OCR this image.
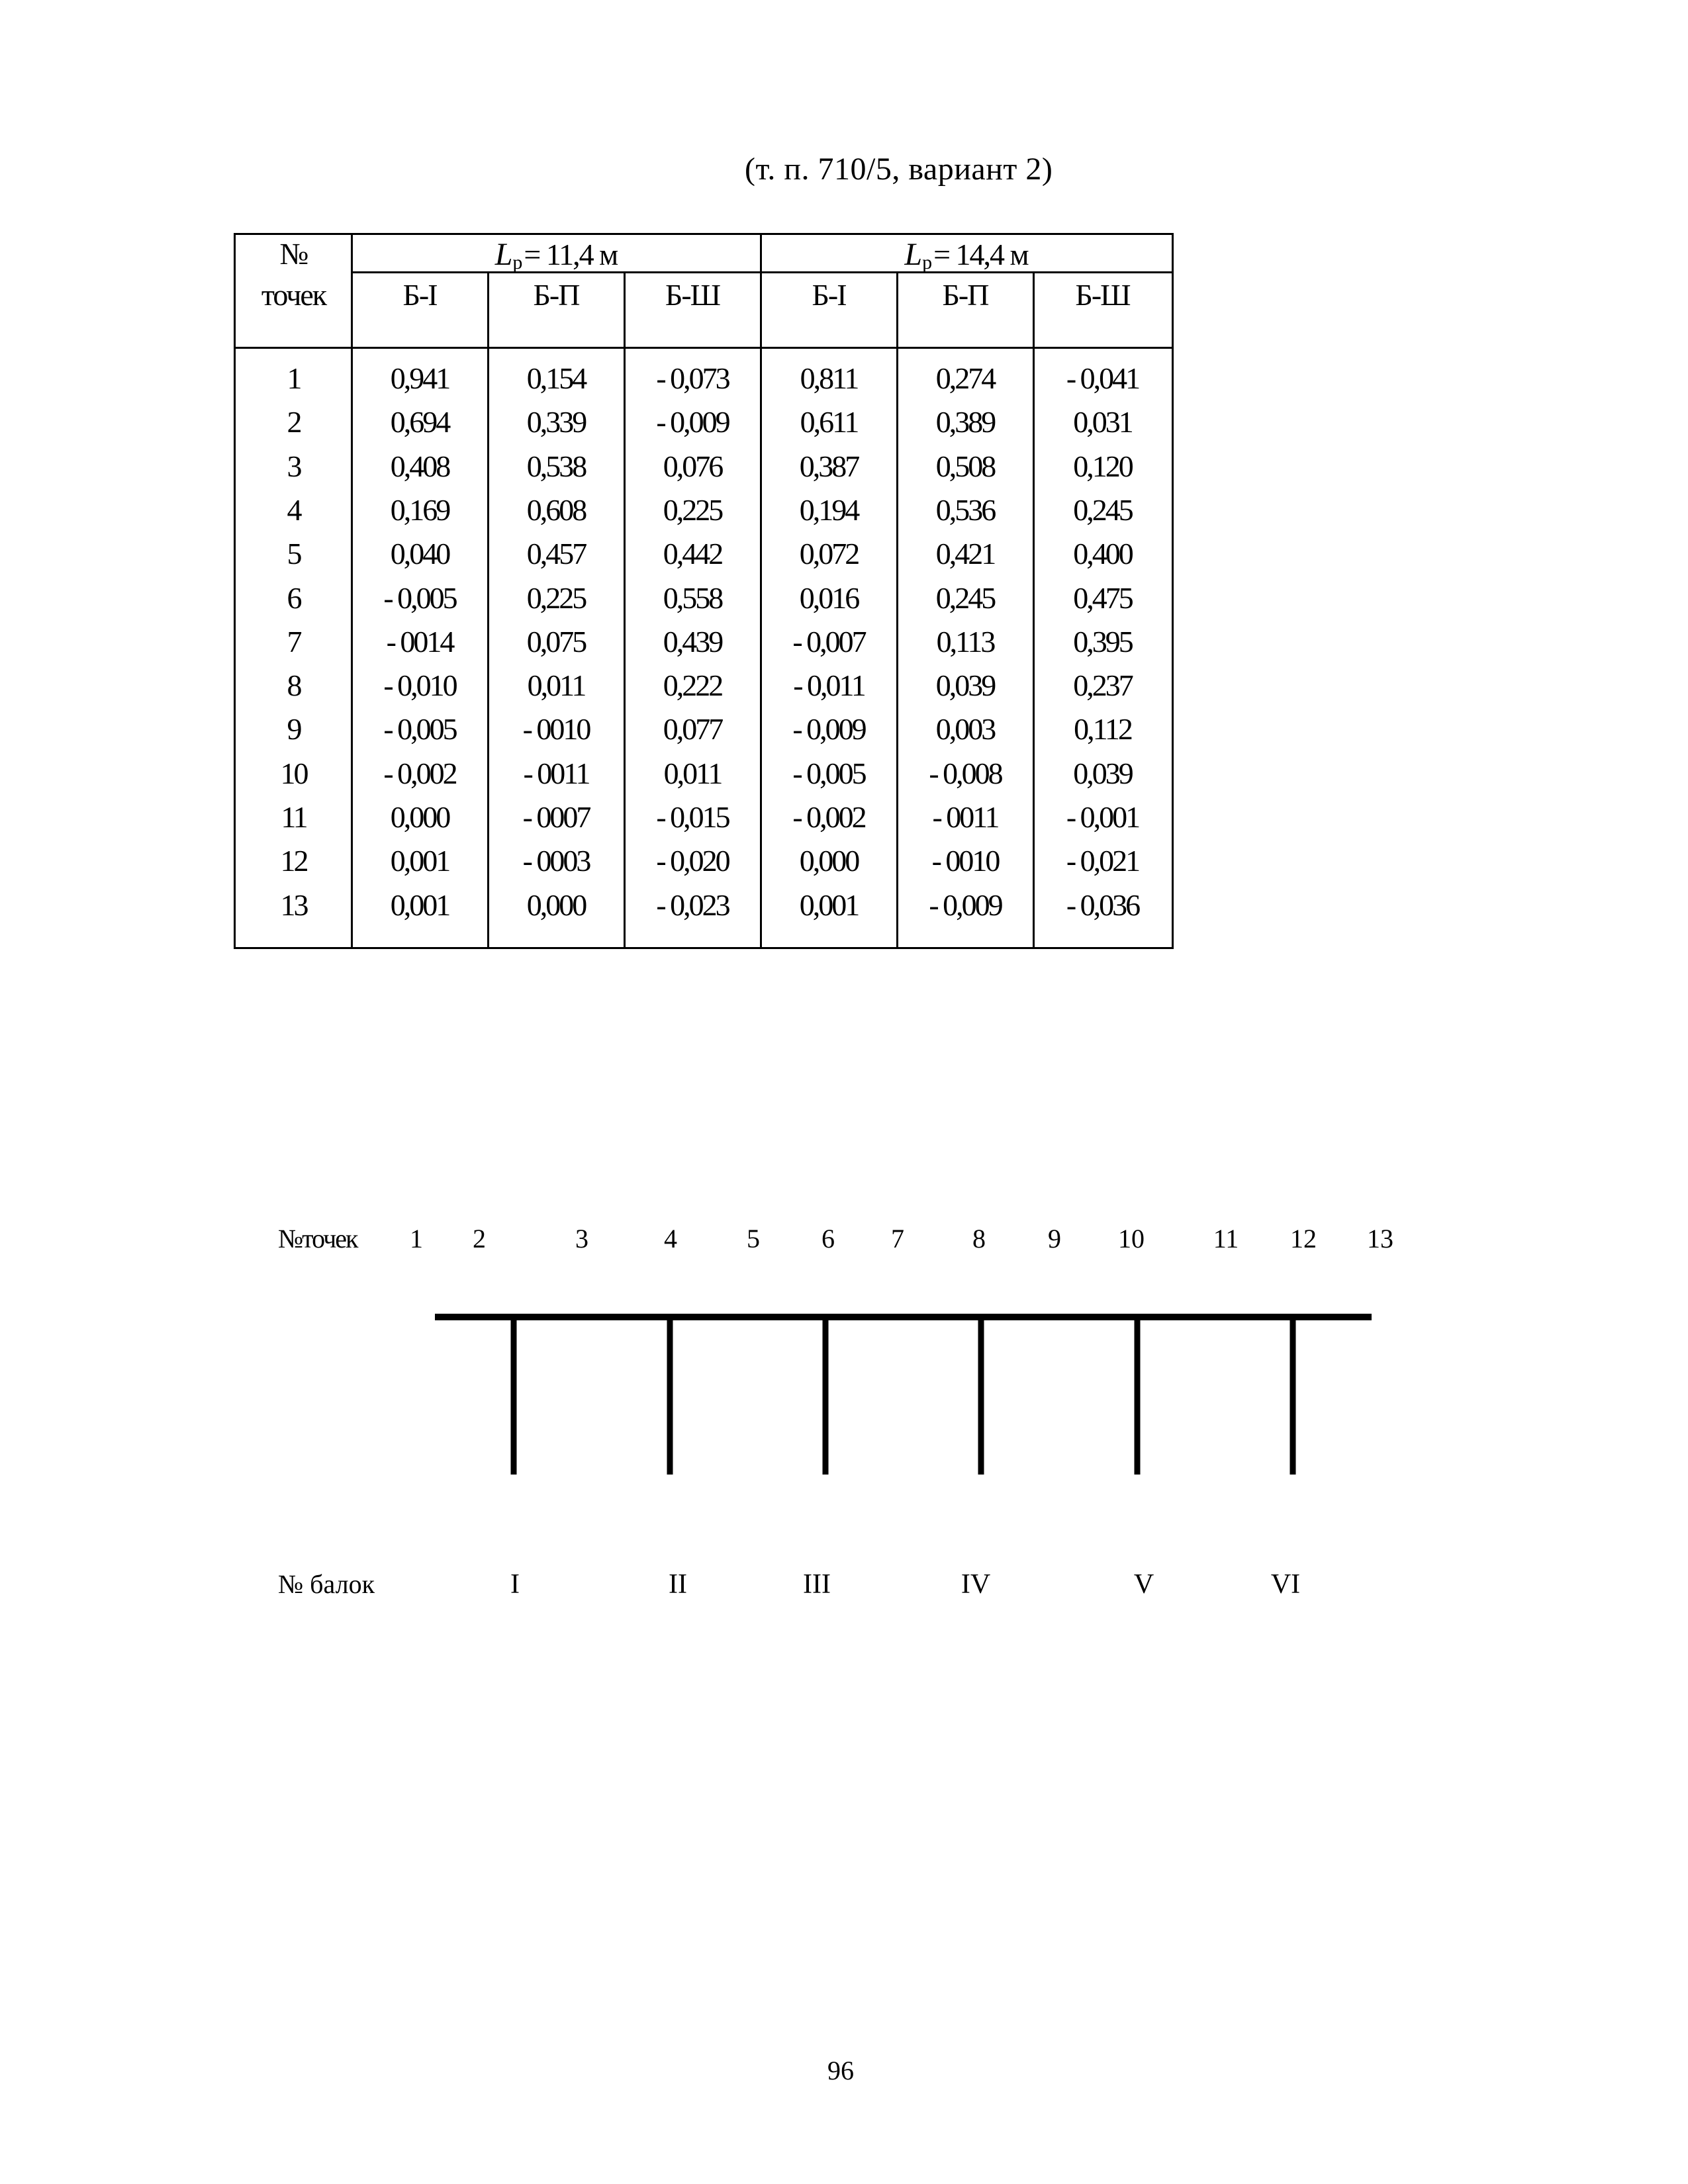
(т. п. 710/5, вариант 2)
№
точек
$L_р= 11,4$ м	$L_р= 14,4$ м
Б-I	Б-П	Б-Ш	Б-I	Б-П	Б-Ш
1	0,941	0,154	- 0,073	0,811	0,274	- 0,041
2	0,694	0,339	- 0,009	0,611	0,389	0,031
3	0,408	0,538	0,076	0,387	0,508	0,120
4	0,169	0,608	0,225	0,194	0,536	0,245
5	0,040	0,457	0,442	0,072	0,421	0,400
6	- 0,005	0,225	0,558	0,016	0,245	0,475
7	- 0014	0,075	0,439	- 0,007	0,113	0,395
8	- 0,010	0,011	0,222	- 0,011	0,039	0,237
9	- 0,005	- 0010	0,077	- 0,009	0,003	0,112
10	- 0,002	- 0011	0,011	- 0,005	- 0,008	0,039
11	0,000	- 0007	- 0,015	- 0,002	- 0011	- 0,001
12	0,001	- 0003	- 0,020	0,000	- 0010	- 0,021
13	0,001	0,000	- 0,023	0,001	- 0,009	- 0,036
№точек	1	2	3	4	5	6	7	8	9	10	11 12 13
№ балок	I	II	III	IV	V	VI
96
